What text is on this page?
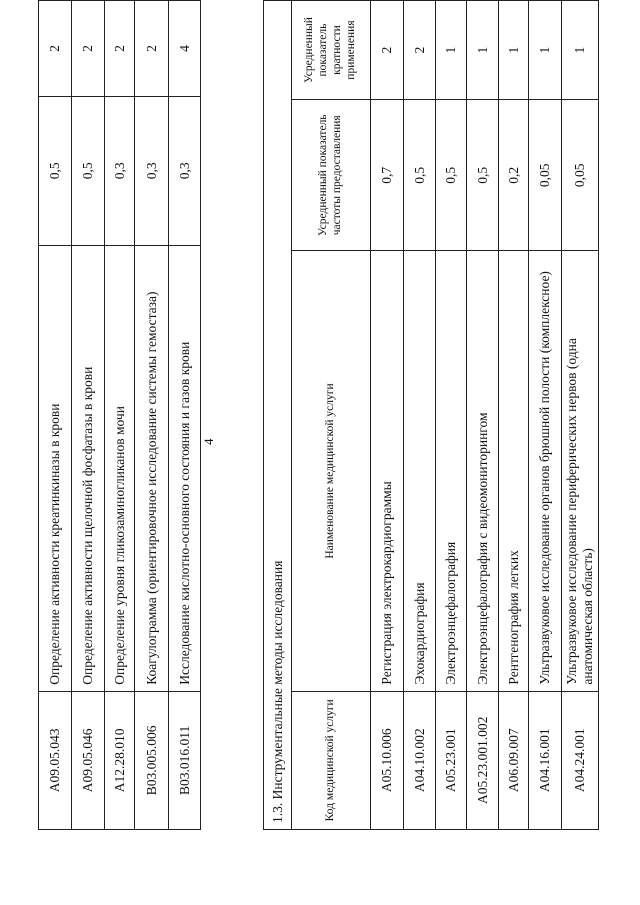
4
A09.05.043	Определение активности креатинкиназы в крови	0,5	2
A09.05.046	Определение активности щелочной фосфатазы в крови	0,5	2
A12.28.010	Определение уровня гликозаминогликанов мочи	0,3	2
B03.005.006	Коагулограмма (ориентировочное исследование системы гемостаза)	0,3	2
B03.016.011	Исследование кислотно-основного состояния и газов крови	0,3	4
1.3. Инструментальные методы исследования			
Код медицинской услуги	Наименование медицинской услуги	Усредненный показатель частоты предоставления	Усредненный показатель кратности применения
A05.10.006	Регистрация электрокардиограммы	0,7	2
A04.10.002	Эхокардиография	0,5	2
A05.23.001	Электроэнцефалография	0,5	1
A05.23.001.002	Электроэнцефалография с видеомониторингом	0,5	1
A06.09.007	Рентгенография легких	0,2	1
A04.16.001	Ультразвуковое исследование органов брюшной полости (комплексное)	0,05	1
A04.24.001	Ультразвуковое исследование периферических нервов (одна анатомическая область)	0,05	1
